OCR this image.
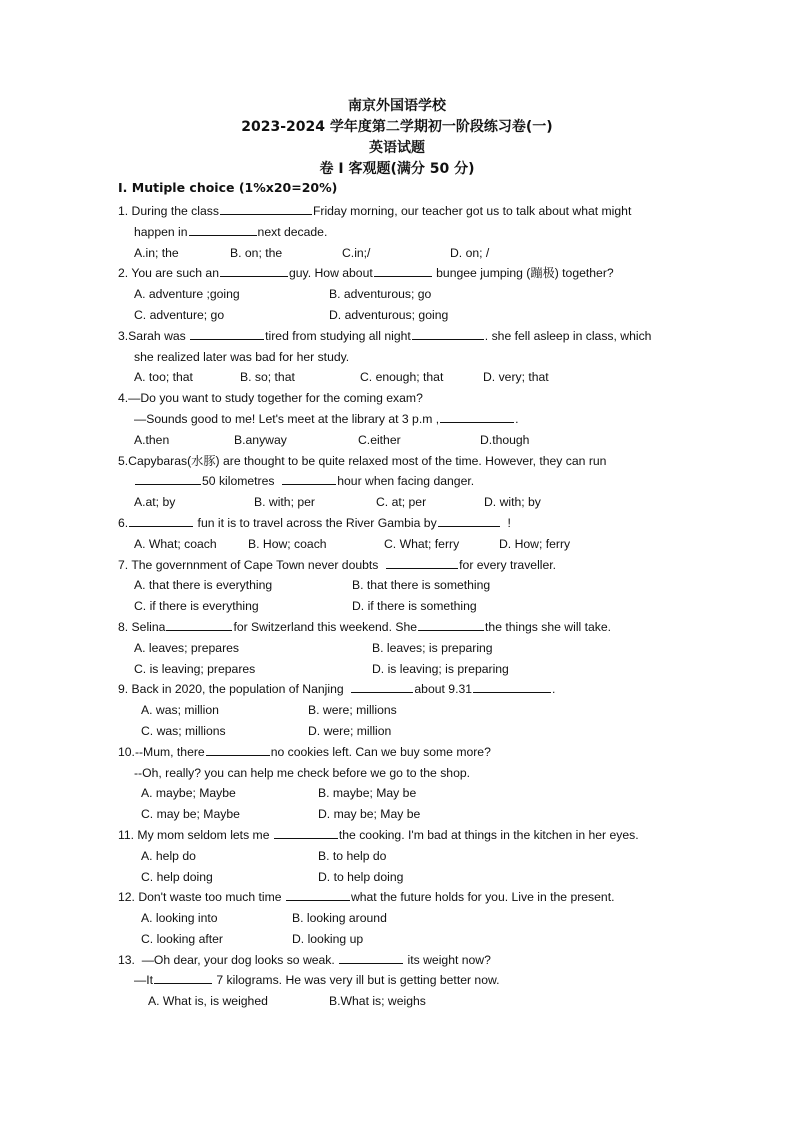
南京外国语学校
2023-2024 学年度第二学期初一阶段练习卷(一)
英语试题
卷 I 客观题(满分 50 分)
I. Mutiple choice (1%x20=20%)
1. During the class	Friday morning, our teacher got us to talk about what might
happen in	next decade.
A.in; the	B. on; the	C.in;/	D. on; /
2. You are such an	guy. How about	bungee jumping (蹦极) together?
A. adventure ;going	B. adventurous; go
C. adventure; go	D. adventurous; going
3.Sarah was	tired from studying all night	. she fell asleep in class, which
she realized later was bad for her study.
A. too; that	B. so; that	C. enough; that	D. very; that
4.—Do you want to study together for the coming exam?
—Sounds good to me! Let's meet at the library at 3 p.m ,	.
A.then	B.anyway	C.either	D.though
5.Capybaras(水豚) are thought to be quite relaxed most of the time. However, they can run
50 kilometres	hour when facing danger.
A.at; by	B. with; per	C. at; per	D. with; by
6.	fun it is to travel across the River Gambia by	!
A. What; coach	B. How; coach	C. What; ferry	D. How; ferry
7. The governnment of Cape Town never doubts	for every traveller.
A. that there is everything	B. that there is something
C. if there is everything	D. if there is something
8. Selina	for Switzerland this weekend. She	the things she will take.
A. leaves; prepares	B. leaves; is preparing
C. is leaving; prepares	D. is leaving; is preparing
9. Back in 2020, the population of Nanjing	about 9.31	.
A. was; million	B. were; millions
C. was; millions	D. were; million
10.--Mum, there	no cookies left. Can we buy some more?
--Oh, really? you can help me check before we go to the shop.
A. maybe; Maybe	B. maybe; May be
C. may be; Maybe	D. may be; May be
11. My mom seldom lets me	the cooking. I'm bad at things in the kitchen in her eyes.
A. help do	B. to help do
C. help doing	D. to help doing
12. Don't waste too much time	what the future holds for you. Live in the present.
A. looking into	B. looking around
C. looking after	D. looking up
13.  —Oh dear, your dog looks so weak.	its weight now?
—It	7 kilograms. He was very ill but is getting better now.
A. What is, is weighed	B.What is; weighs
